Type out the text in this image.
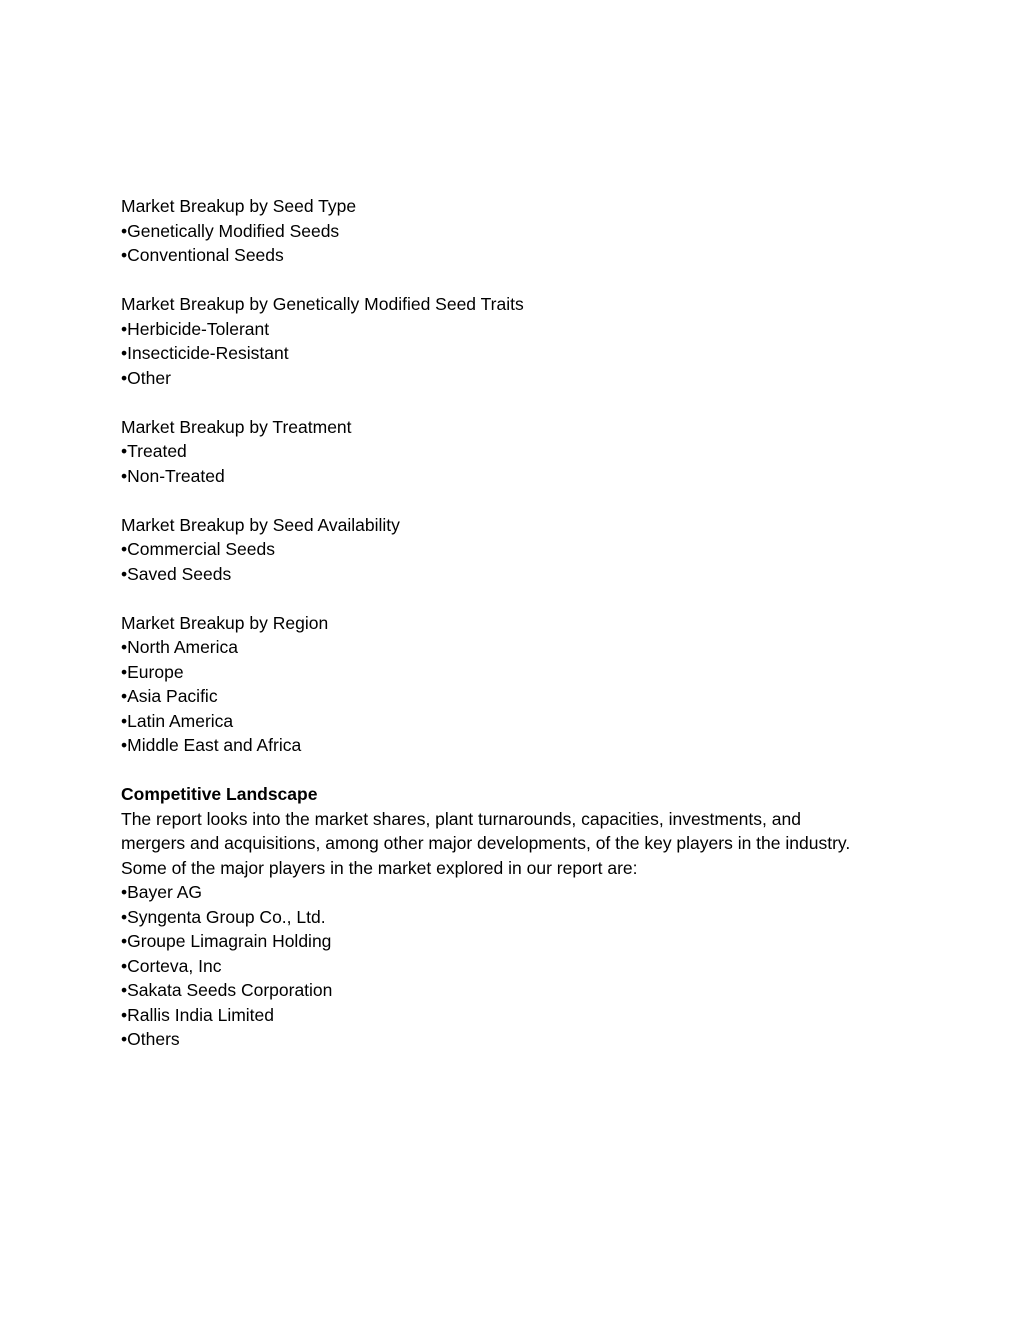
Market Breakup by Seed Type

•Genetically Modified Seeds

•Conventional Seeds

Market Breakup by Genetically Modified Seed Traits

•Herbicide-Tolerant

•Insecticide-Resistant

•Other

Market Breakup by Treatment

•Treated

•Non-Treated

Market Breakup by Seed Availability

•Commercial Seeds

•Saved Seeds

Market Breakup by Region

•North America

•Europe

•Asia Pacific

•Latin America

•Middle East and Africa

Competitive Landscape

The report looks into the market shares, plant turnarounds, capacities, investments, and

mergers and acquisitions, among other major developments, of the key players in the industry.

Some of the major players in the market explored in our report are:

•Bayer AG

•Syngenta Group Co., Ltd.

•Groupe Limagrain Holding

•Corteva, Inc

•Sakata Seeds Corporation

•Rallis India Limited

•Others
